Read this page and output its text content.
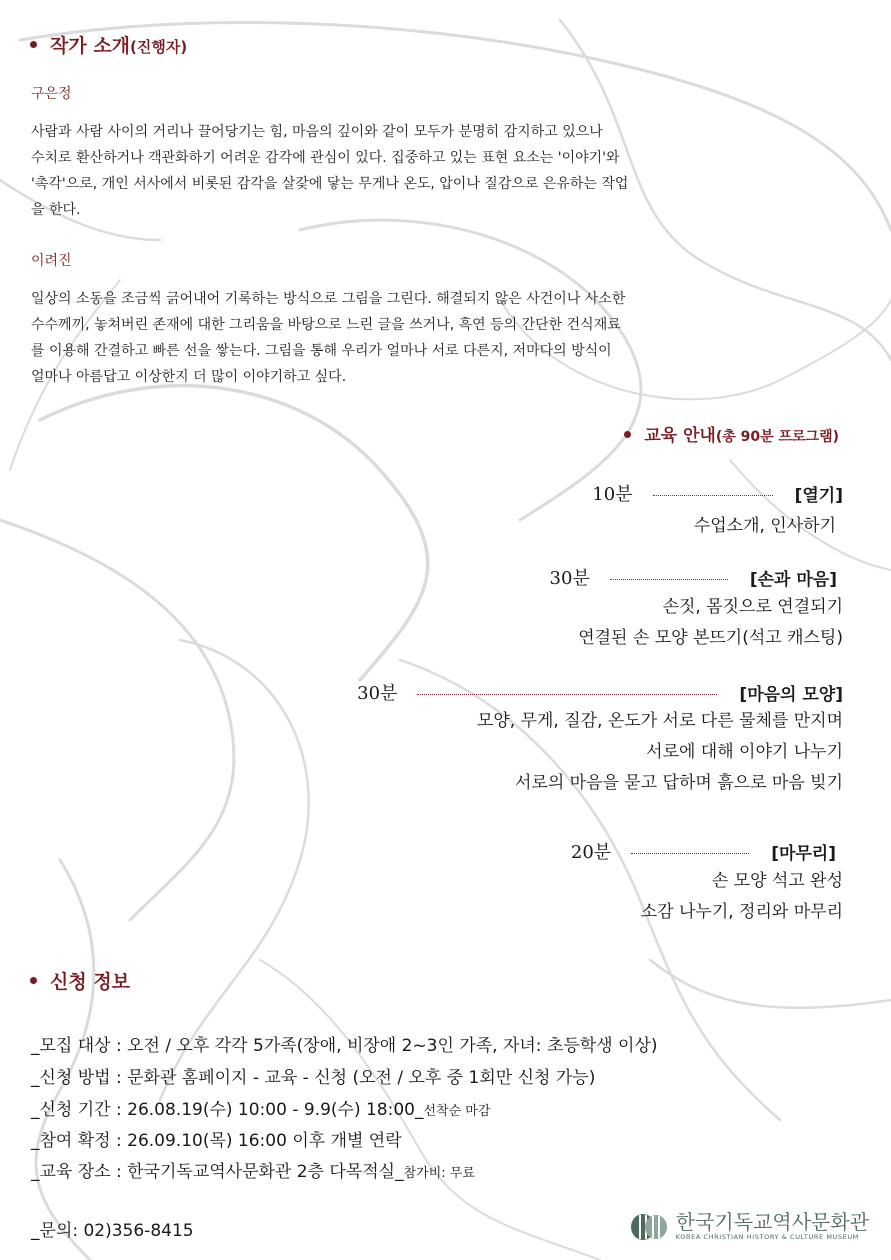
작가 소개(진행자)
구은정
사람과 사람 사이의 거리나 끌어당기는 힘, 마음의 깊이와 같이 모두가 분명히 감지하고 있으나
수치로 환산하거나 객관화하기 어려운 감각에 관심이 있다. 집중하고 있는 표현 요소는 '이야기'와
'촉각'으로, 개인 서사에서 비롯된 감각을 살갗에 닿는 무게나 온도, 압이나 질감으로 은유하는 작업
을 한다.
이려진
일상의 소동을 조금씩 긁어내어 기록하는 방식으로 그림을 그린다. 해결되지 않은 사건이나 사소한
수수께끼, 놓쳐버린 존재에 대한 그리움을 바탕으로 느린 글을 쓰거나, 흑연 등의 간단한 건식재료
를 이용해 간결하고 빠른 선을 쌓는다. 그림을 통해 우리가 얼마나 서로 다른지, 저마다의 방식이
얼마나 아름답고 이상한지 더 많이 이야기하고 싶다.
교육 안내(총 90분 프로그램)
10분	[열기]
수업소개, 인사하기
30분	[손과 마음]
손짓, 몸짓으로 연결되기
연결된 손 모양 본뜨기(석고 캐스팅)
30분	[마음의 모양]
모양, 무게, 질감, 온도가 서로 다른 물체를 만지며
서로에 대해 이야기 나누기
서로의 마음을 묻고 답하며 흙으로 마음 빚기
20분	[마무리]
손 모양 석고 완성
소감 나누기, 정리와 마무리
신청 정보
_모집 대상 : 오전 / 오후 각각 5가족(장애, 비장애 2~3인 가족, 자녀: 초등학생 이상)
_신청 방법 : 문화관 홈페이지 - 교육 - 신청 (오전 / 오후 중 1회만 신청 가능)
_신청 기간 : 26.08.19(수) 10:00 - 9.9(수) 18:00_선착순 마감
_참여 확정 : 26.09.10(목) 16:00 이후 개별 연락
_교육 장소 : 한국기독교역사문화관 2층 다목적실_참가비: 무료
_문의: 02)356-8415	한국기독교역사문화관
KOREA CHRISTIAN HISTORY & CULTURE MUSEUM
